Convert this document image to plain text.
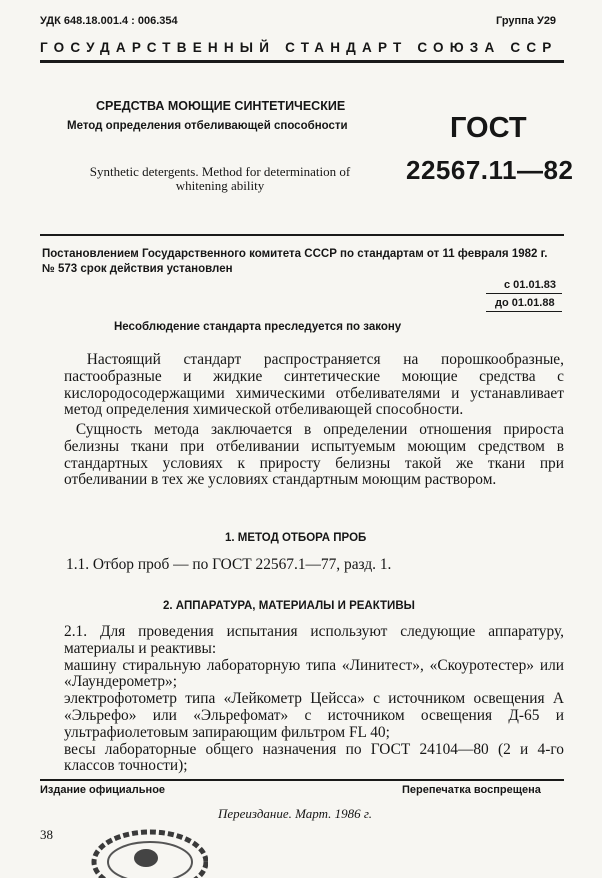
УДК 648.18.001.4 : 006.354	Группа У29
ГОСУДАРСТВЕННЫЙ СТАНДАРТ СОЮЗА ССР
СРЕДСТВА МОЮЩИЕ СИНТЕТИЧЕСКИЕ
Метод определения отбеливающей способности
Synthetic detergents. Method for determination of whitening ability
ГОСТ
22567.11—82
Постановлением Государственного комитета СССР по стандартам от 11 февраля 1982 г. № 573 срок действия установлен
с 01.01.83
до 01.01.88
Несоблюдение стандарта преследуется по закону
Настоящий стандарт распространяется на порошкообразные, пастообразные и жидкие синтетические моющие средства с кислородосодержащими химическими отбеливателями и устанавливает метод определения химической отбеливающей способности.
Сущность метода заключается в определении отношения прироста белизны ткани при отбеливании испытуемым моющим средством в стандартных условиях к приросту белизны такой же ткани при отбеливании в тех же условиях стандартным моющим раствором.
1. МЕТОД ОТБОРА ПРОБ
1.1. Отбор проб — по ГОСТ 22567.1—77, разд. 1.
2. АППАРАТУРА, МАТЕРИАЛЫ И РЕАКТИВЫ
2.1. Для проведения испытания используют следующие аппаратуру, материалы и реактивы:
машину стиральную лабораторную типа «Линитест», «Скоуротестер» или «Лаундерометр»;
электрофотометр типа «Лейкометр Цейсса» с источником освещения А «Эльрефо» или «Эльрефомат» с источником освещения Д-65 и ультрафиолетовым запирающим фильтром FL 40;
весы лабораторные общего назначения по ГОСТ 24104—80 (2 и 4-го классов точности);
Издание официальное	Перепечатка воспрещена
Переиздание. Март. 1986 г.
38
